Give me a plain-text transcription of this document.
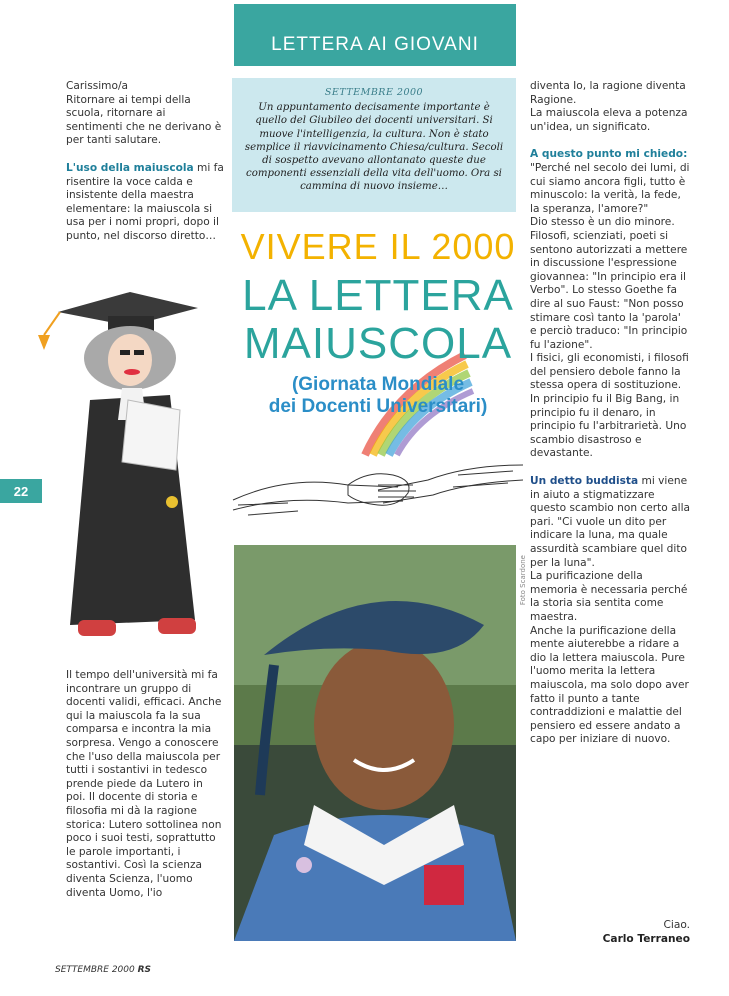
LETTERA AI GIOVANI

Carissimo/a
Ritornare ai tempi della scuola, ritornare ai sentimenti che ne derivano è per tanti salutare.

L'uso della maiuscola mi fa risentire la voce calda e insistente della maestra elementare: la maiuscola si usa per i nomi propri, dopo il punto, nel discorso diretto…

22

Il tempo dell'università mi fa incontrare un gruppo di docenti validi, efficaci. Anche qui la maiuscola fa la sua comparsa e incontra la mia sorpresa. Vengo a conoscere che l'uso della maiuscola per tutti i sostantivi in tedesco prende piede da Lutero in poi. Il docente di storia e filosofia mi dà la ragione storica: Lutero sottolinea non poco i suoi testi, soprattutto le parole importanti, i sostantivi. Così la scienza diventa Scienza, l'uomo diventa Uomo, l'io

SETTEMBRE 2000
Un appuntamento decisamente importante è quello del Giubileo dei docenti universitari. Si muove l'intelligenzia, la cultura. Non è stato semplice il riavvicinamento Chiesa/cultura. Secoli di sospetto avevano allontanato queste due componenti essenziali della vita dell'uomo. Ora si cammina di nuovo insieme…
VIVERE IL 2000
LA LETTERA
MAIUSCOLA
(Giornata Mondiale
dei Docenti Universitari)
Foto Scardone

diventa Io, la ragione diventa Ragione.

La maiuscola eleva a potenza un'idea, un significato.

A questo punto mi chiedo: "Perché nel secolo dei lumi, di cui siamo ancora figli, tutto è minuscolo: la verità, la fede, la speranza, l'amore?"

Dio stesso è un dio minore. Filosofi, scienziati, poeti si sentono autorizzati a mettere in discussione l'espressione giovannea: "In principio era il Verbo". Lo stesso Goethe fa dire al suo Faust: "Non posso stimare così tanto la 'parola' e perciò traduco: "In principio fu l'azione".

I fisici, gli economisti, i filosofi del pensiero debole fanno la stessa opera di sostituzione. In principio fu il Big Bang, in principio fu il denaro, in principio fu l'arbitrarietà. Uno scambio disastroso e devastante.

Un detto buddista mi viene in aiuto a stigmatizzare questo scambio non certo alla pari. "Ci vuole un dito per indicare la luna, ma quale assurdità scambiare quel dito per la luna".

La purificazione della memoria è necessaria perché la storia sia sentita come maestra.

Anche la purificazione della mente aiuterebbe a ridare a dio la lettera maiuscola. Pure l'uomo merita la lettera maiuscola, ma solo dopo aver fatto il punto a tante contraddizioni e malattie del pensiero ed essere andato a capo per iniziare di nuovo.

Ciao.
Carlo Terraneo
SETTEMBRE 2000 RS
